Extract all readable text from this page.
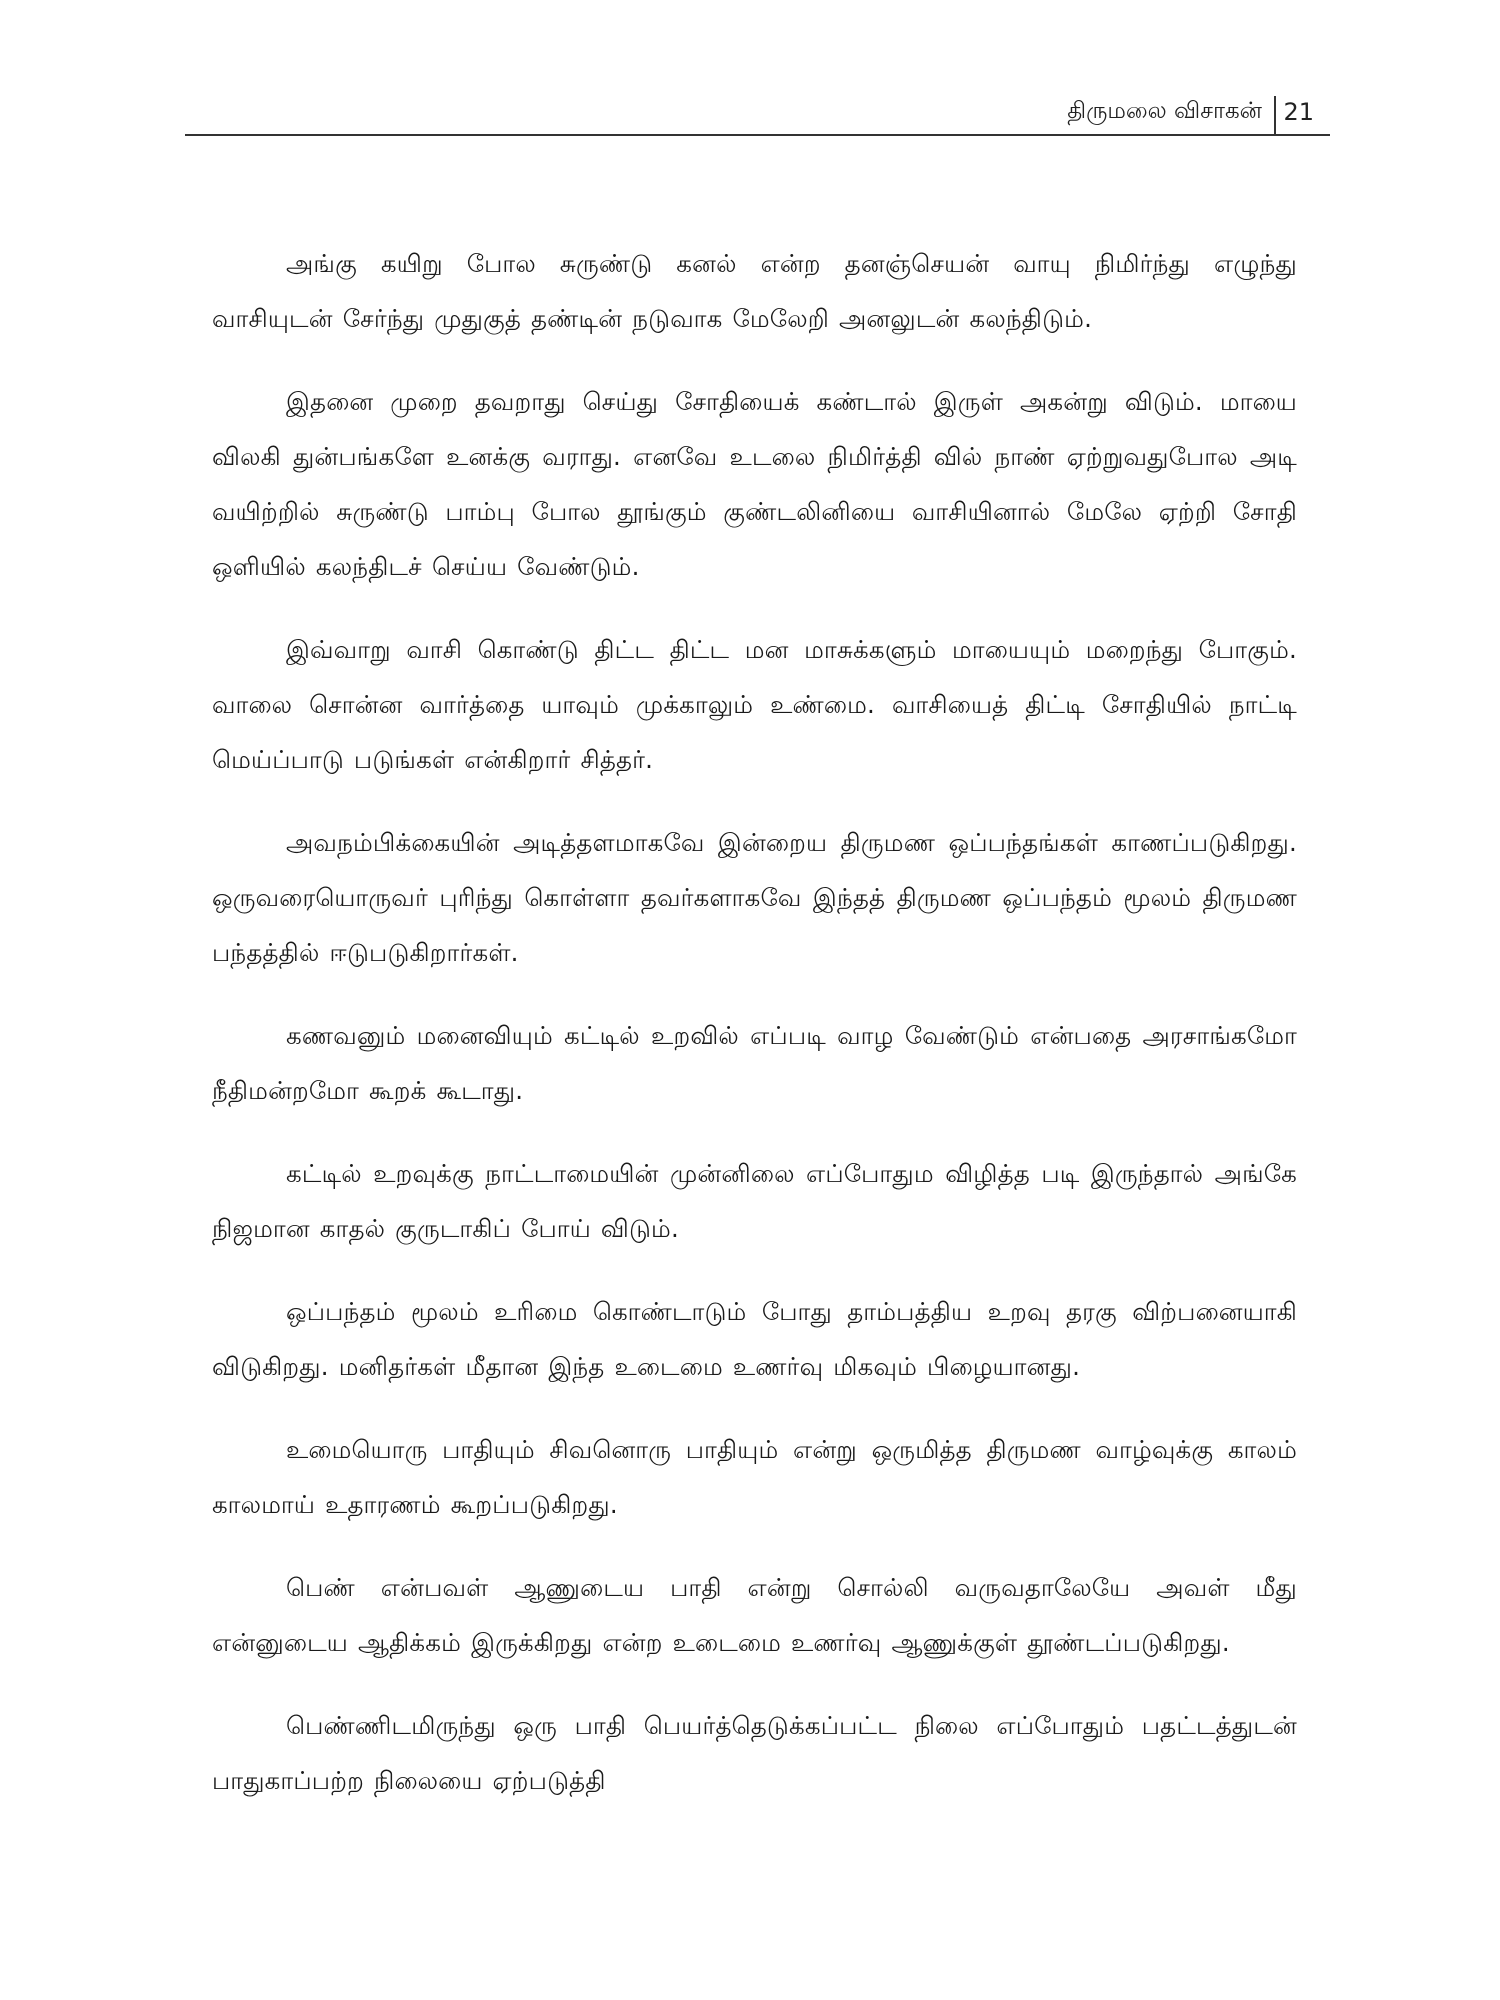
திருமலை விசாகன் 21

அங்கு கயிறு போல சுருண்டு கனல் என்ற தனஞ்செயன் வாயு நிமிர்ந்து எழுந்து வாசியுடன் சேர்ந்து முதுகுத் தண்டின் நடுவாக மேலேறி அனலுடன் கலந்திடும்.

இதனை முறை தவறாது செய்து சோதியைக் கண்டால் இருள் அகன்று விடும். மாயை விலகி துன்பங்களே உனக்கு வராது. எனவே உடலை நிமிர்த்தி வில் நாண் ஏற்றுவதுபோல அடி வயிற்றில் சுருண்டு பாம்பு போல தூங்கும் குண்டலினியை வாசியினால் மேலே ஏற்றி சோதி ஒளியில் கலந்திடச் செய்ய வேண்டும்.

இவ்வாறு வாசி கொண்டு திட்ட திட்ட மன மாசுக்களும் மாயையும் மறைந்து போகும். வாலை சொன்ன வார்த்தை யாவும் முக்காலும் உண்மை. வாசியைத் திட்டி சோதியில் நாட்டி மெய்ப்பாடு படுங்கள் என்கிறார் சித்தர்.

அவநம்பிக்கையின் அடித்தளமாகவே இன்றைய திருமண ஒப்பந்தங்கள் காணப்படுகிறது. ஒருவரையொருவர் புரிந்து கொள்ளா தவர்களாகவே இந்தத் திருமண ஒப்பந்தம் மூலம் திருமண பந்தத்தில் ஈடுபடுகிறார்கள்.

கணவனும் மனைவியும் கட்டில் உறவில் எப்படி வாழ வேண்டும் என்பதை அரசாங்கமோ நீதிமன்றமோ கூறக் கூடாது.

கட்டில் உறவுக்கு நாட்டாமையின் முன்னிலை எப்போதும விழித்த படி இருந்தால் அங்கே நிஜமான காதல் குருடாகிப் போய் விடும்.

ஒப்பந்தம் மூலம் உரிமை கொண்டாடும் போது தாம்பத்திய உறவு தரகு விற்பனையாகி விடுகிறது. மனிதர்கள் மீதான இந்த உடைமை உணர்வு மிகவும் பிழையானது.

உமையொரு பாதியும் சிவனொரு பாதியும் என்று ஒருமித்த திருமண வாழ்வுக்கு காலம் காலமாய் உதாரணம் கூறப்படுகிறது.

பெண் என்பவள் ஆணுடைய பாதி என்று சொல்லி வருவதாலேயே அவள் மீது என்னுடைய ஆதிக்கம் இருக்கிறது என்ற உடைமை உணர்வு ஆணுக்குள் தூண்டப்படுகிறது.

பெண்ணிடமிருந்து ஒரு பாதி பெயர்த்தெடுக்கப்பட்ட நிலை எப்போதும் பதட்டத்துடன் பாதுகாப்பற்ற நிலையை ஏற்படுத்தி
